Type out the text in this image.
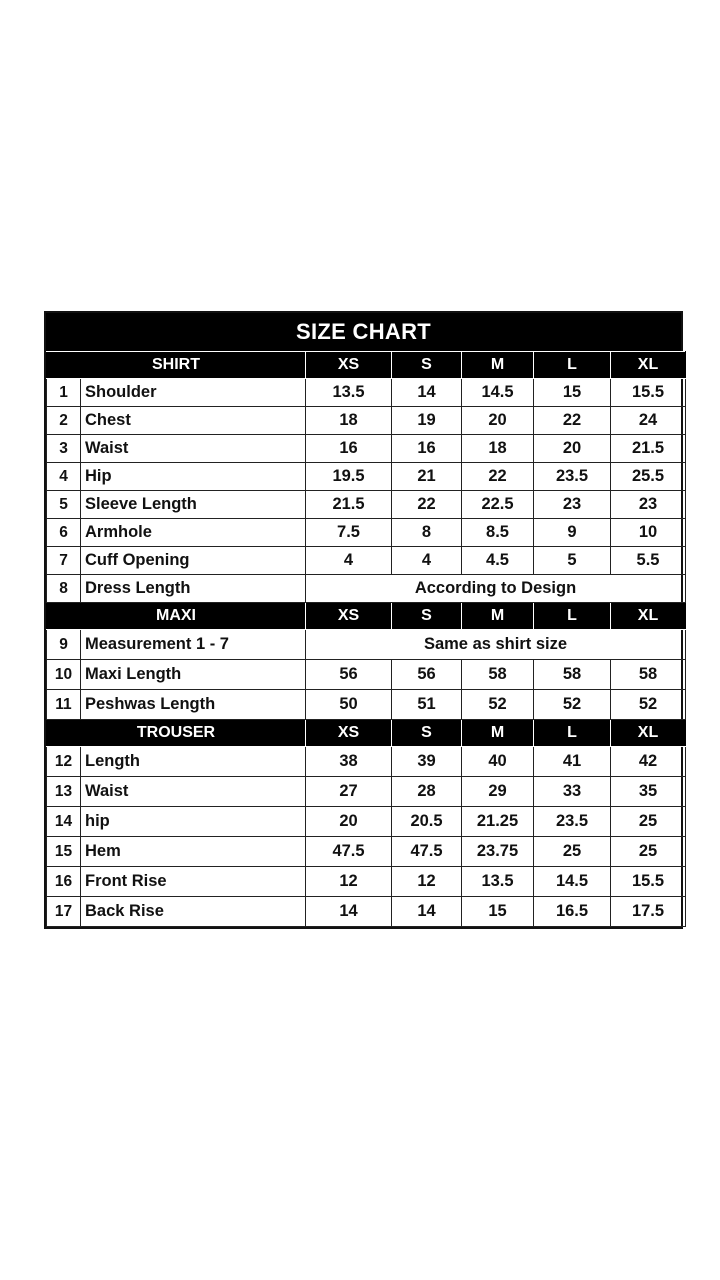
SIZE CHART
SHIRT		XS	S	M	L	XL
1	Shoulder	13.5	14	14.5	15	15.5
2	Chest	18	19	20	22	24
3	Waist	16	16	18	20	21.5
4	Hip	19.5	21	22	23.5	25.5
5	Sleeve Length	21.5	22	22.5	23	23
6	Armhole	7.5	8	8.5	9	10
7	Cuff Opening	4	4	4.5	5	5.5
8	Dress Length	According to Design				
MAXI		XS	S	M	L	XL
9	Measurement 1 - 7	Same as shirt size				
10	Maxi Length	56	56	58	58	58
11	Peshwas Length	50	51	52	52	52
TROUSER		XS	S	M	L	XL
12	Length	38	39	40	41	42
13	Waist	27	28	29	33	35
14	hip	20	20.5	21.25	23.5	25
15	Hem	47.5	47.5	23.75	25	25
16	Front Rise	12	12	13.5	14.5	15.5
17	Back Rise	14	14	15	16.5	17.5
